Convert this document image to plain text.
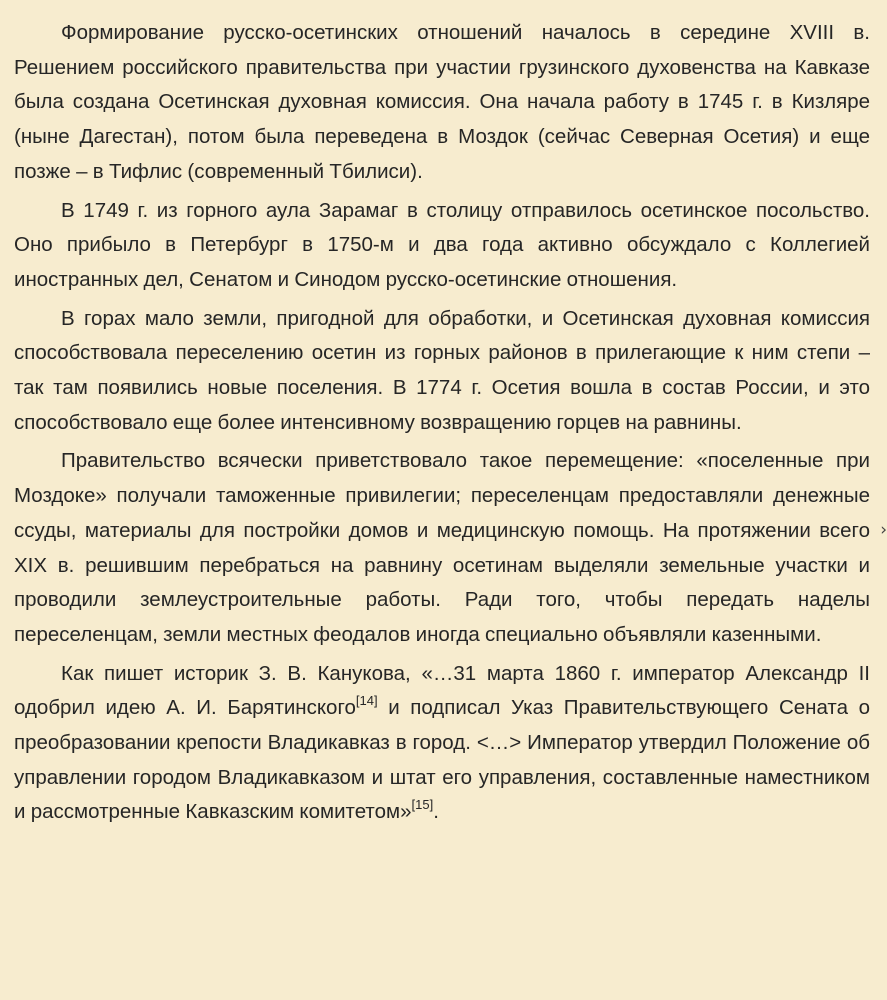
Формирование русско-осетинских отношений началось в середине XVIII в. Решением российского правительства при участии грузинского духовенства на Кавказе была создана Осетинская духовная комиссия. Она начала работу в 1745 г. в Кизляре (ныне Дагестан), потом была переведена в Моздок (сейчас Северная Осетия) и еще позже – в Тифлис (современный Тбилиси).

В 1749 г. из горного аула Зарамаг в столицу отправилось осетинское посольство. Оно прибыло в Петербург в 1750-м и два года активно обсуждало с Коллегией иностранных дел, Сенатом и Синодом русско-осетинские отношения.

В горах мало земли, пригодной для обработки, и Осетинская духовная комиссия способствовала переселению осетин из горных районов в прилегающие к ним степи – так там появились новые поселения. В 1774 г. Осетия вошла в состав России, и это способствовало еще более интенсивному возвращению горцев на равнины.

Правительство всячески приветствовало такое перемещение: «поселенные при Моздоке» получали таможенные привилегии; переселенцам предоставляли денежные ссуды, материалы для постройки домов и медицинскую помощь. На протяжении всего XIX в. решившим перебраться на равнину осетинам выделяли земельные участки и проводили землеустроительные работы. Ради того, чтобы передать наделы переселенцам, земли местных феодалов иногда специально объявляли казенными.

Как пишет историк З. В. Канукова, «…31 марта 1860 г. император Александр II одобрил идею А. И. Барятинского[14] и подписал Указ Правительствующего Сената о преобразовании крепости Владикавказ в город. <…> Император утвердил Положение об управлении городом Владикавказом и штат его управления, составленные наместником и рассмотренные Кавказским комитетом»[15].

›
